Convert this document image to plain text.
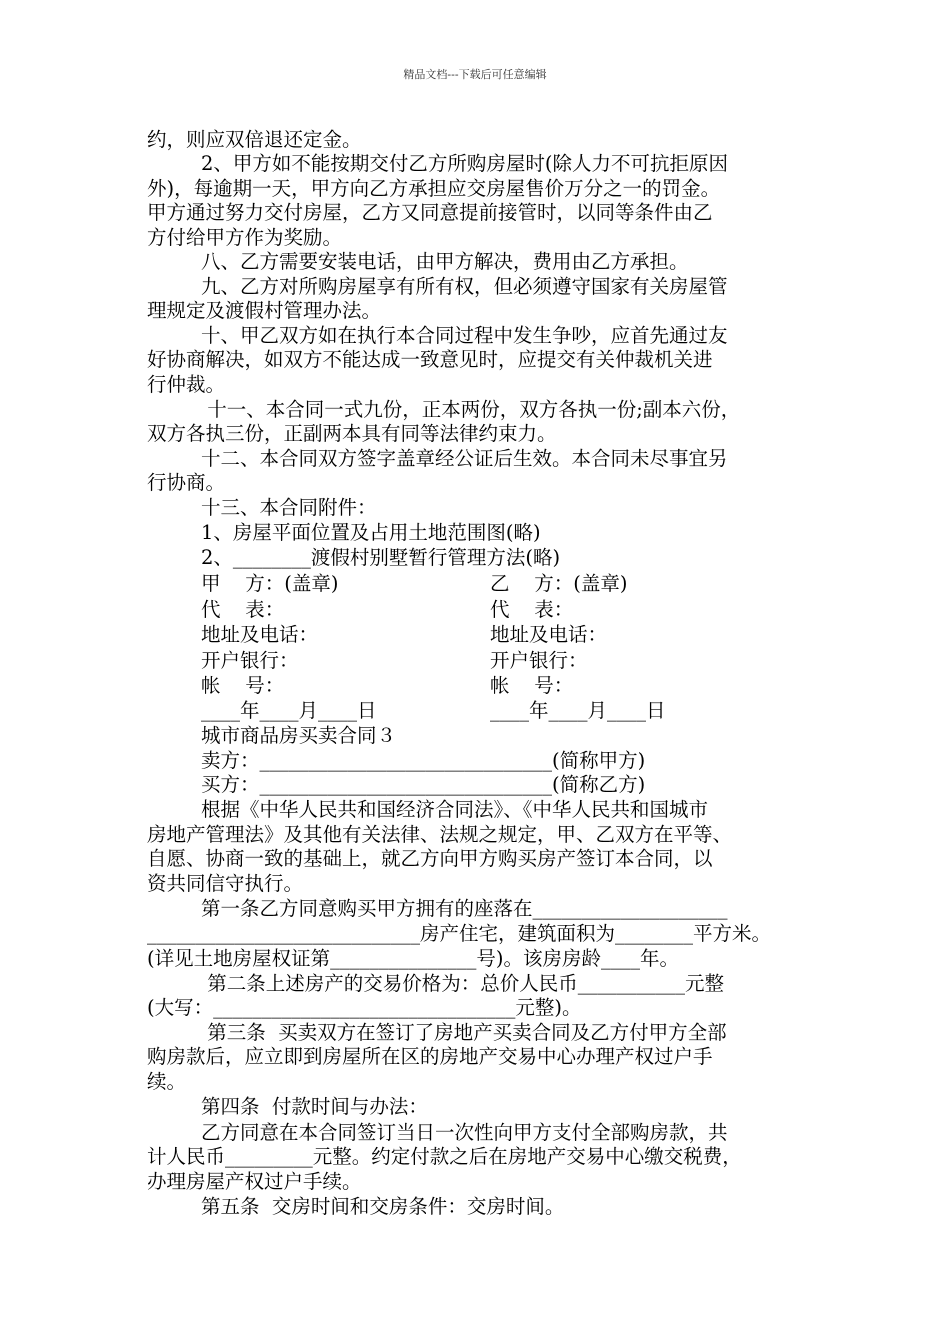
精品文档---下载后可任意编辑
约，则应双倍退还定金。
2、甲方如不能按期交付乙方所购房屋时(除人力不可抗拒原因
外)，每逾期一天，甲方向乙方承担应交房屋售价万分之一的罚金。
甲方通过努力交付房屋，乙方又同意提前接管时，以同等条件由乙
方付给甲方作为奖励。
八、乙方需要安装电话，由甲方解决，费用由乙方承担。
九、乙方对所购房屋享有所有权，但必须遵守国家有关房屋管
理规定及渡假村管理办法。
十、甲乙双方如在执行本合同过程中发生争吵，应首先通过友
好协商解决，如双方不能达成一致意见时，应提交有关仲裁机关进
行仲裁。
十一、本合同一式九份，正本两份，双方各执一份;副本六份，
双方各执三份，正副两本具有同等法律约束力。
十二、本合同双方签字盖章经公证后生效。本合同未尽事宜另
行协商。
十三、本合同附件：
1、房屋平面位置及占用土地范围图(略)
2、________渡假村别墅暂行管理方法(略)
甲    方：(盖章)	乙    方：(盖章)
代    表：	代    表：
地址及电话：	地址及电话：
开户银行：	开户银行：
帐    号：	帐    号：
____年____月____日	____年____月____日
城市商品房买卖合同３
卖方：______________________________(简称甲方)
买方：______________________________(简称乙方)
根据《中华人民共和国经济合同法》、《中华人民共和国城市
房地产管理法》及其他有关法律、法规之规定，甲、乙双方在平等、
自愿、协商一致的基础上，就乙方向甲方购买房产签订本合同，以
资共同信守执行。
第一条乙方同意购买甲方拥有的座落在____________________
____________________________房产住宅，建筑面积为________平方米。
(详见土地房屋权证第_______________号)。该房房龄____年。
第二条上述房产的交易价格为：总价人民币___________元整
(大写：_______________________________元整)。
第三条  买卖双方在签订了房地产买卖合同及乙方付甲方全部
购房款后，应立即到房屋所在区的房地产交易中心办理产权过户手
续。
第四条  付款时间与办法：
乙方同意在本合同签订当日一次性向甲方支付全部购房款，共
计人民币_________元整。约定付款之后在房地产交易中心缴交税费，
办理房屋产权过户手续。
第五条  交房时间和交房条件：交房时间。
